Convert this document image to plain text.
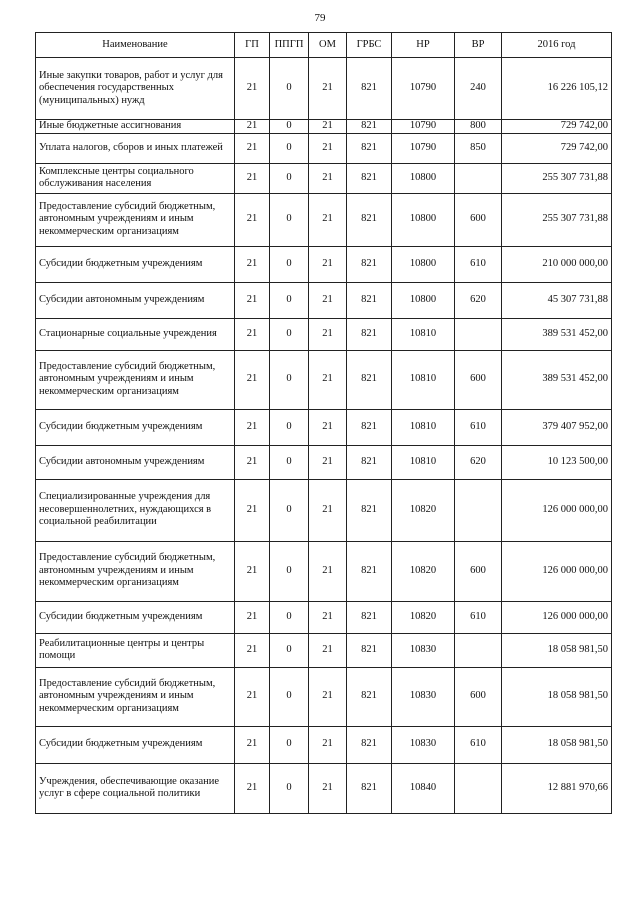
79
Наименование	ГП	ППГП	ОМ	ГРБС	НР	ВР	2016 год
Иные закупки товаров, работ и услуг для обеспечения государственных (муниципальных) нужд	21	0	21	821	10790	240	16 226 105,12
Иные бюджетные ассигнования	21	0	21	821	10790	800	729 742,00
Уплата налогов, сборов и иных платежей	21	0	21	821	10790	850	729 742,00
Комплексные центры социального обслуживания населения	21	0	21	821	10800		255 307 731,88
Предоставление субсидий бюджетным, автономным учреждениям и иным некоммерческим организациям	21	0	21	821	10800	600	255 307 731,88
Субсидии бюджетным учреждениям	21	0	21	821	10800	610	210 000 000,00
Субсидии автономным учреждениям	21	0	21	821	10800	620	45 307 731,88
Стационарные социальные учреждения	21	0	21	821	10810		389 531 452,00
Предоставление субсидий бюджетным, автономным учреждениям и иным некоммерческим организациям	21	0	21	821	10810	600	389 531 452,00
Субсидии бюджетным учреждениям	21	0	21	821	10810	610	379 407 952,00
Субсидии автономным учреждениям	21	0	21	821	10810	620	10 123 500,00
Специализированные учреждения для несовершеннолетних, нуждающихся в социальной реабилитации	21	0	21	821	10820		126 000 000,00
Предоставление субсидий бюджетным, автономным учреждениям и иным некоммерческим организациям	21	0	21	821	10820	600	126 000 000,00
Субсидии бюджетным учреждениям	21	0	21	821	10820	610	126 000 000,00
Реабилитационные центры и центры помощи	21	0	21	821	10830		18 058 981,50
Предоставление субсидий бюджетным, автономным учреждениям и иным некоммерческим организациям	21	0	21	821	10830	600	18 058 981,50
Субсидии бюджетным учреждениям	21	0	21	821	10830	610	18 058 981,50
Учреждения, обеспечивающие оказание услуг в сфере социальной политики	21	0	21	821	10840		12 881 970,66
